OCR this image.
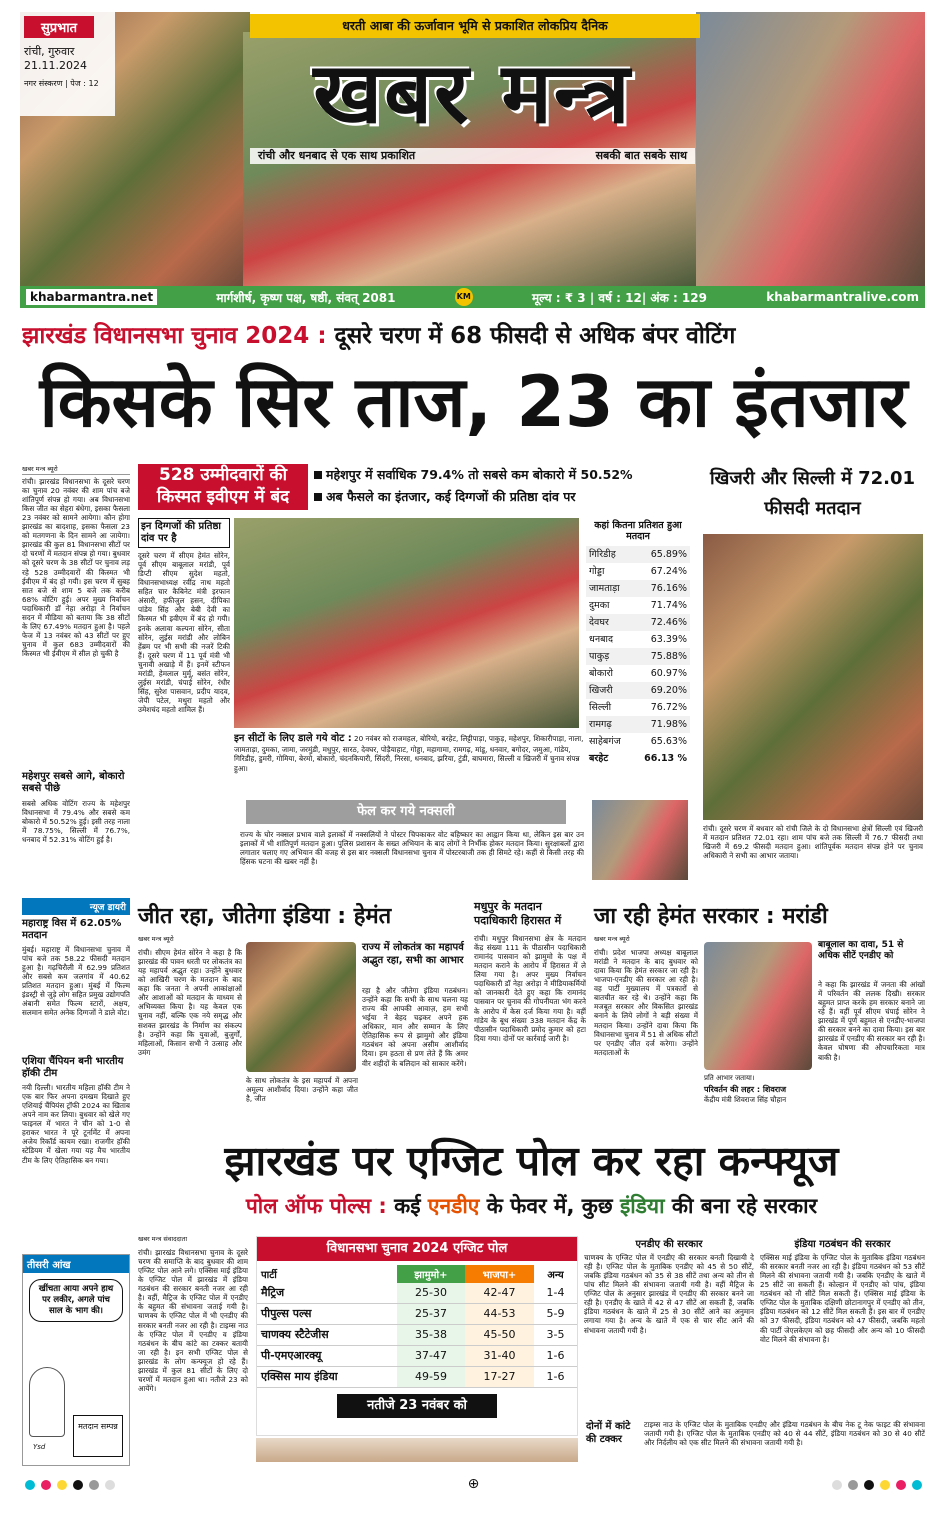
सुप्रभात
रांची, गुरुवार
21.11.2024
नगर संस्करण | पेज : 12
धरती आबा की ऊर्जावान भूमि से प्रकाशित लोकप्रिय दैनिक
खबर मन्त्र
रांची और धनबाद से एक साथ प्रकाशित	सबकी बात सबके साथ
khabarmantra.net	मार्गशीर्ष, कृष्ण पक्ष, षष्ठी, संवत् 2081	KM	मूल्य : ₹ 3 | वर्ष : 12| अंक : 129	khabarmantralive.com
झारखंड विधानसभा चुनाव 2024 : दूसरे चरण में 68 फीसदी से अधिक बंपर वोटिंग
किसके सिर ताज, 23 का इंतजार
खबर मन्त्र ब्यूरो
रांची। झारखंड विधानसभा के दूसरे चरण का चुनाव 20 नवंबर की शाम पांच बजे शांतिपूर्ण संपन्न हो गया। अब विधानसभा किस जीत का सेहरा बंधेगा, इसका फैसला 23 नवंबर को सामने आयेगा। कौन होगा झारखंड का बादशाह, इसका फैसला 23 को मतगणना के दिन सामने आ जायेगा। झारखंड की कुल 81 विधानसभा सीटों पर दो चरणों में मतदान संपन्न हो गया। बुधवार को दूसरे चरण के 38 सीटों पर चुनाव लड़ रहे 528 उम्मीदवारों की किस्मत भी ईवीएम में बंद हो गयी। इस चरण में सुबह सात बजे से शाम 5 बजे तक करीब 68% वोटिंग हुई। अपर मुख्य निर्वाचन पदाधिकारी डॉ नेहा अरोड़ा ने निर्वाचन सदन में मीडिया को बताया कि 38 सीटों के लिए 67.49% मतदान हुआ है। पहले फेज में 13 नवंबर को 43 सीटों पर हुए चुनाव में कुल 683 उम्मीदवारों की किस्मत भी ईवीएम में सील हो चुकी है
महेशपुर सबसे आगे, बोकारो सबसे पीछे
सबसे अधिक वोटिंग राज्य के महेशपुर विधानसभा में 79.4% और सबसे कम बोकारो में 50.52% हुई। इसी तरह नाला में 78.75%, सिल्ली में 76.7%, धनबाद में 52.31% वोटिंग हुई है।
528 उम्मीदवारों की
किस्मत इवीएम में बंद
महेशपुर में सर्वाधिक 79.4% तो सबसे कम बोकारो में 50.52%
अब फैसले का इंतजार, कई दिग्गजों की प्रतिष्ठा दांव पर
इन दिग्गजों की प्रतिष्ठा दांव पर है
दूसरे चरण में सीएम हेमंत सोरेन, पूर्व सीएम बाबूलाल मरांडी, पूर्व डिप्टी सीएम सुदेश महतो, विधानसभाध्यक्ष रवींद्र नाथ महतो सहित चार कैबिनेट मंत्री इरफान अंसारी, हफीजुल हसन, दीपिका पांडेय सिंह और बेबी देवी का किस्मत भी इवीएम में बंद हो गयी। इनके अलावा कल्पना सोरेन, सीता सोरेन, लुईस मरांडी और लोबिन हेंब्रम पर भी सभी की नजरें टिकी हैं। दूसरे चरण में 11 पूर्व मंत्री भी चुनावी अखाड़े में हैं। इनमें स्टीफन मरांडी, हेमलाल मुर्मू, बसंत सोरेन, लुईस मरांडी, चंपाई सोरेन, रंधीर सिंह, सुरेश पासवान, प्रदीप यादव, जेपी पटेल, मथुरा महतो और उमेशचंद महतो शामिल हैं।
इन सीटों के लिए डाले गये वोट : 20 नवंबर को राजमहल, बोरियो, बरहेट, लिट्टीपाड़ा, पाकुड़, महेशपुर, शिकारीपाड़ा, नाला, जामताड़ा, दुमका, जामा, जरमुंडी, मधुपुर, सारठ, देवघर, पोड़ैयाहाट, गोड्डा, महागामा, रामगढ़, मांडू, धनवार, बगोदर, जमुआ, गांडेय, गिरिडीह, डुमरी, गोमिया, बेरमो, बोकारो, चंदनकियारी, सिंदरी, निरसा, धनबाद, झरिया, टुंडी, बाघमारा, सिल्ली व खिजरी में चुनाव संपन्न हुआ।
कहां कितना प्रतिशत हुआ मतदान
गिरिडीह	65.89%
गोड्डा	67.24%
जामताड़ा	76.16%
दुमका	71.74%
देवघर	72.46%
धनबाद	63.39%
पाकुड़	75.88%
बोकारो	60.97%
खिजरी	69.20%
सिल्ली	76.72%
रामगढ़	71.98%
साहेबगंज	65.63%
बरहेट	66.13 %
फेल कर गये नक्सली
राज्य के घोर नक्सल प्रभाव वाले इलाकों में नक्सलियों ने पोस्टर चिपकाकर वोट बहिष्कार का आह्वान किया था, लेकिन इस बार उन इलाकों में भी शांतिपूर्ण मतदान हुआ। पुलिस प्रशासन के सख्त अभियान के बाद लोगों ने निर्भीक होकर मतदान किया। सुरक्षाबलों द्वारा लगातार चलाए गए अभियान की वजह से इस बार नक्सली विधानसभा चुनाव में पोस्टरबाजी तक ही सिमटे रहे। कहीं से किसी तरह की हिंसक घटना की खबर नहीं है।
खिजरी और सिल्ली में 72.01 फीसदी मतदान
रांची। दूसरे चरण में बधवार को रांची जिले के दो विधानसभा क्षेत्रों सिल्ली एवं खिजरी में मतदान प्रतिशत 72.01 रहा। शाम पांच बजे तक सिल्ली में 76.7 फीसदी तथा खिजरी में 69.2 फीसदी मतदान हुआ। शांतिपूर्वक मतदान संपन्न होने पर चुनाव अधिकारी ने सभी का आभार जताया।
न्यूज डायरी
महाराष्ट्र विस में 62.05% मतदान
मुंबई। महाराष्ट्र में विधानसभा चुनाव में पांच बजे तक 58.22 फीसदी मतदान हुआ है। गढ़चिरौली में 62.99 प्रतिशत और सबसे कम जलगांव में 40.62 प्रतिशत मतदान हुआ। मुंबई में फिल्म इंडस्ट्री से जुड़े लोग सहित प्रमुख उद्योगपति अंबानी समेत फिल्म स्टारों, अक्षय, सलमान समेत अनेक दिग्गजों ने डाले वोट।
एशिया चैंपियन बनी भारतीय हॉकी टीम
नयी दिल्ली। भारतीय महिला हॉकी टीम ने एक बार फिर अपना दमखम दिखाते हुए एशियाई चैंपियंस ट्रॉफी 2024 का खिताब अपने नाम कर लिया। बुधवार को खेले गए फाइनल में भारत ने चीन को 1-0 से हराकर भारत ने पूरे टूर्नामेंट में अपना अजेय रिकॉर्ड कायम रखा। राजगीर हॉकी स्टेडियम में खेला गया यह मैच भारतीय टीम के लिए ऐतिहासिक बन गया।
जीत रहा, जीतेगा इंडिया : हेमंत
खबर मन्त्र ब्यूरो
रांची। सीएम हेमंत सोरेन ने कहा है कि झारखंड की पावन धरती पर लोकतंत्र का यह महापर्व अद्भुत रहा। उन्होंने बुधवार को आखिरी चरण के मतदान के बाद कहा कि जनता ने अपनी आकांक्षाओं और आशाओं को मतदान के माध्यम से अभिव्यक्त किया है। यह केवल एक चुनाव नहीं, बल्कि एक नये समृद्ध और सशक्त झारखंड के निर्माण का संकल्प है। उन्होंने कहा कि युवाओं, बुजुर्गों, महिलाओं, किसान सभी ने उत्साह और उमंग
के साथ लोकतंत्र के इस महापर्व में अपना अमूल्य आशीर्वाद दिया। उन्होंने कहा जीत है, जीत
राज्य में लोकतंत्र का महापर्व अद्भुत रहा, सभी का आभार
रहा है और जीतेगा इंडिया गठबंधन। उन्होंने कहा कि सभी के साथ चलना यह राज्य की आपकी आवाज़, हम सभी भईया ने बेहद चढ़कर अपने हक अधिकार, मान और सम्मान के लिए ऐतिहासिक रूप से झामुमो और इंडिया गठबंधन को अपना असीम आशीर्वाद दिया। हम हठता से प्रण लेते हैं कि अमर वीर शहीदों के बलिदान को साकार करेंगे।
मधुपुर के मतदान पदाधिकारी हिरासत में
रांची। मधुपुर विधानसभा क्षेत्र के मतदान केंद्र संख्या 111 के पीठासीन पदाधिकारी रामानंद पासवान को झामुमो के पक्ष में मतदान कराने के आरोप में हिरासत में ले लिया गया है। अपर मुख्य निर्वाचन पदाधिकारी डॉ नेहा अरोड़ा ने मीडियाकर्मियों को जानकारी देते हुए कहा कि रामानंद पासवान पर चुनाव की गोपनीयता भंग करने के आरोप में केस दर्ज किया गया है। वहीं गांडेय के बूथ संख्या 338 मतदान केंद्र के पीठासीन पदाधिकारी प्रमोद कुमार को हटा दिया गया। दोनों पर कार्रवाई जारी है।
जा रही हेमंत सरकार : मरांडी
खबर मन्त्र ब्यूरो
रांची। प्रदेश भाजपा अध्यक्ष बाबूलाल मरांडी ने मतदान के बाद बुधवार को दावा किया कि हेमंत सरकार जा रही है। भाजपा-एनडीए की सरकार आ रही है। वह पार्टी मुख्यालय में पत्रकारों से बातचीत कर रहे थे। उन्होंने कहा कि मजबूत सरकार और विकसित झारखंड बनाने के लिये लोगों ने बड़ी संख्या में मतदान किया। उन्होंने दावा किया कि विधानसभा चुनाव में 51 से अधिक सीटों पर एनडीए जीत दर्ज करेगा। उन्होंने मतदाताओं के
बाबूलाल का दावा, 51 से अधिक सीटें एनडीए को
ने कहा कि झारखंड में जनता की आंखों में परिवर्तन की ललक दिखी। सरकार बहुमत प्राप्त करके हम सरकार बनाने जा रहे हैं। वहीं पूर्व सीएम चंपाई सोरेन ने झारखंड में पूर्ण बहुमत से एनडीए-भाजपा की सरकार बनने का दावा किया। इस बार झारखंड में एनडीए की सरकार बन रही है। केवल घोषणा की औपचारिकता मात्र बाकी है।
प्रति आभार जताया।
परिवर्तन की लहर : शिवराज
केंद्रीय मंत्री शिवराज सिंह चौहान
झारखंड पर एग्जिट पोल कर रहा कन्फ्यूज
पोल ऑफ पोल्स : कई एनडीए के फेवर में, कुछ इंडिया की बना रहे सरकार
खबर मन्त्र संवाददाता
रांची। झारखंड विधानसभा चुनाव के दूसरे चरण की समाप्ति के बाद बुधवार की शाम एग्जिट पोल आने लगे। एक्सिस माई इंडिया के एग्जिट पोल में झारखंड में इंडिया गठबंधन की सरकार बनती नजर आ रही है। वहीं, मैट्रिज के एग्जिट पोल में एनडीए के बहुमत की संभावना जताई गयी है। चाणक्य के एग्जिट पोल में भी एनडीए की सरकार बनती नजर आ रही है। टाइम्स नाउ के एग्जिट पोल में एनडीए व इंडिया गठबंधन के बीच कांटे का टक्कर बतायी जा रही है। इन सभी एग्जिट पोल से झारखंड के लोग कन्फ्यूज हो रहे हैं। झारखंड में कुल 81 सीटों के लिए दो चरणों में मतदान हुआ था। नतीजे 23 को आयेंगे।
विधानसभा चुनाव 2024 एग्जिट पोल
पार्टी	झामुमो+	भाजपा+	अन्य
मैट्रिज	25-30	42-47	1-4
पीपुल्स पल्स	25-37	44-53	5-9
चाणक्य स्टैटेजीस	35-38	45-50	3-5
पी-एमएआरक्यू	37-47	31-40	1-6
एक्सिस माय इंडिया	49-59	17-27	1-6
नतीजे 23 नवंबर को
एनडीए की सरकार
चाणक्य के एग्जिट पोल में एनडीए की सरकार बनती दिखायी दे रही है। एग्जिट पोल के मुताबिक एनडीए को 45 से 50 सीटें, जबकि इंडिया गठबंधन को 35 से 38 सीटें तथा अन्य को तीन से पांच सीट मिलने की संभावना जतायी गयी है। वहीं मैट्रिज के एग्जिट पोल के अनुसार झारखंड में एनडीए की सरकार बनने जा रही है। एनडीए के खाते में 42 से 47 सीटें आ सकती हैं, जबकि इंडिया गठबंधन के खाते में 25 से 30 सीटें आने का अनुमान लगाया गया है। अन्य के खाते में एक से चार सीट आने की संभावना जतायी गयी है।
इंडिया गठबंधन की सरकार
एक्सिस माई इंडिया के एग्जिट पोल के मुताबिक इंडिया गठबंधन की सरकार बनती नजर आ रही है। इंडिया गठबंधन को 53 सीटें मिलने की संभावना जतायी गयी है। जबकि एनडीए के खाते में 25 सीटें जा सकती हैं। कोल्हान में एनडीए को पांच, इंडिया गठबंधन को नौ सीटें मिल सकती हैं। एक्सिस माई इंडिया के एग्जिट पोल के मुताबिक दक्षिणी छोटानागपुर में एनडीए को तीन, इंडिया गठबंधन को 12 सीटें मिल सकती हैं। इस बार में एनडीए को 37 फीसदी, इंडिया गठबंधन को 47 फीसदी, जबकि महतो की पार्टी जेएलकेएम को छह फीसदी और अन्य को 10 फीसदी वोट मिलने की संभावना है।
दोनों में कांटे की टक्कर
टाइम्स नाउ के एग्जिट पोल के मुताबिक एनडीए और इंडिया गठबंधन के बीच नेक टू नेक फाइट की संभावना जतायी गयी है। एग्जिट पोल के मुताबिक एनडीए को 40 से 44 सीटें, इंडिया गठबंधन को 30 से 40 सीटें और निर्दलीय को एक सीट मिलने की संभावना जतायी गयी है।
तीसरी आंख
खींचता आया अपने हाथ पर लकीर, अगले पांच साल के भाग की।
मतदान सम्पन्न
Ysd
⊕
